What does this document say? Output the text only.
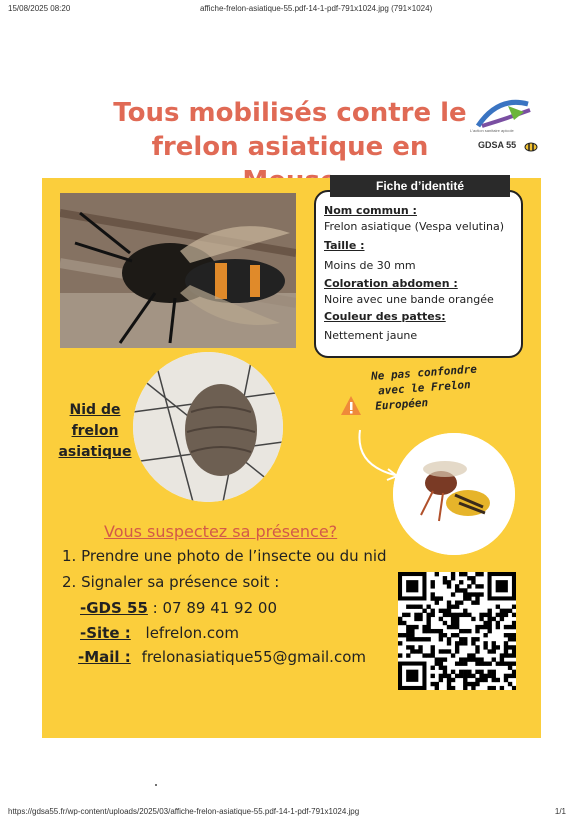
15/08/2025 08:20	affiche-frelon-asiatique-55.pdf-14-1-pdf-791x1024.jpg (791×1024)
https://gdsa55.fr/wp-content/uploads/2025/03/affiche-frelon-asiatique-55.pdf-14-1-pdf-791x1024.jpg	1/1
Tous mobilisés contre le
frelon asiatique en
L'action sanitaire apicole
GDSA 55
Nom commun :
Frelon asiatique (Vespa velutina)
Taille :
Moins de 30 mm
Coloration abdomen :
Noire avec une bande orangée
Couleur des pattes:
Nettement jaune
Fiche d’identité
Nid de
frelon
asiatique
Ne pas confondre
avec le Frelon
Européen
Vous suspectez sa présence?
1. Prendre une photo de l’insecte ou du nid
2. Signaler sa présence soit :
-GDS 55 : 07 89 41 92 00
-Site : lefrelon.com
-Mail : frelonasiatique55@gmail.com
